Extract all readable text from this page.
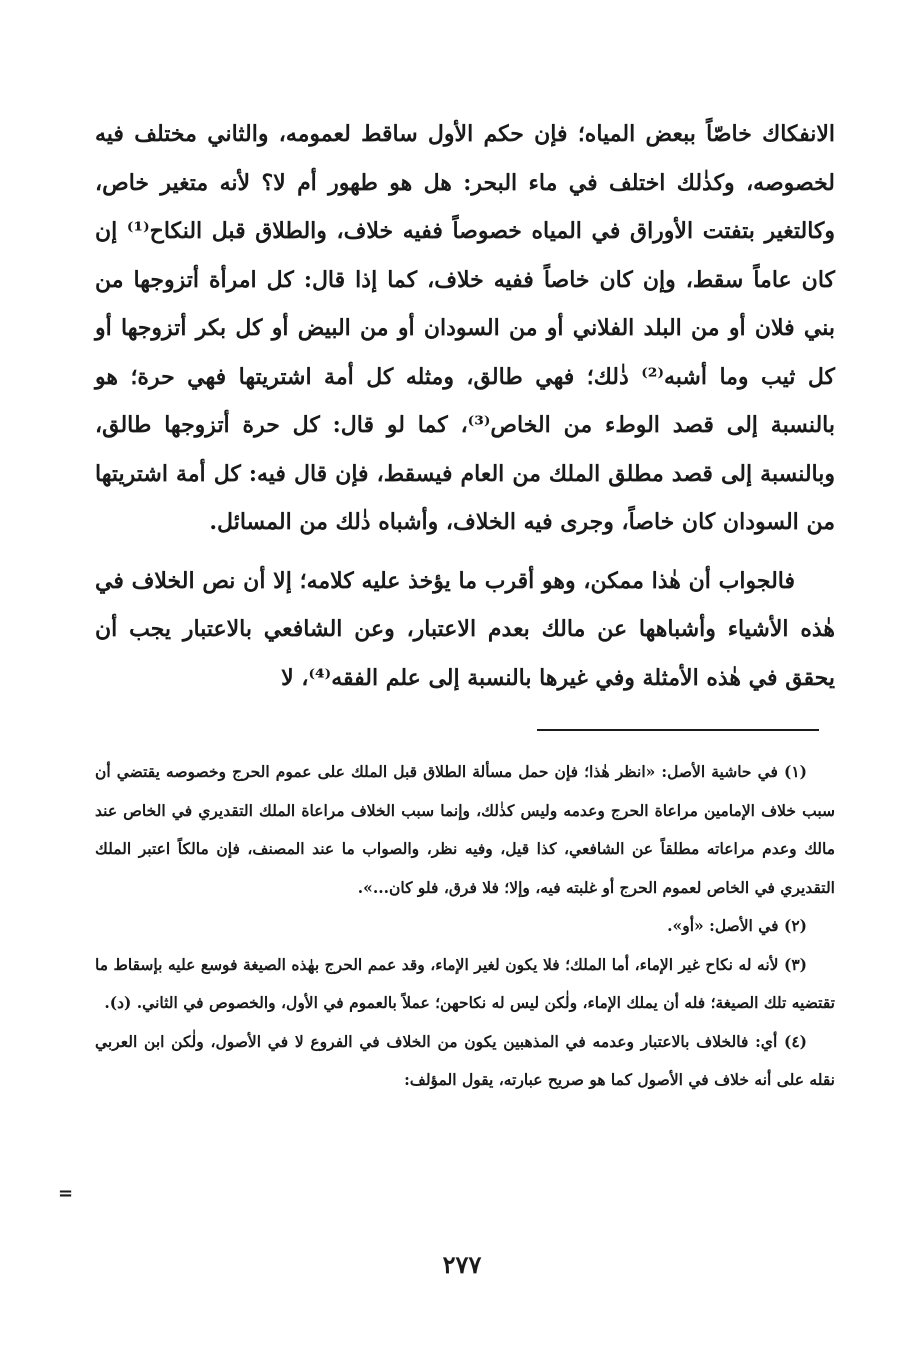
الانفكاك خاصّاً ببعض المياه؛ فإن حكم الأول ساقط لعمومه، والثاني مختلف فيه لخصوصه، وكذٰلك اختلف في ماء البحر: هل هو طهور أم لا؟ لأنه متغير خاص، وكالتغير بتفتت الأوراق في المياه خصوصاً ففيه خلاف، والطلاق قبل النكاح⁽¹⁾ إن كان عاماً سقط، وإن كان خاصاً ففيه خلاف، كما إذا قال: كل امرأة أتزوجها من بني فلان أو من البلد الفلاني أو من السودان أو من البيض أو كل بكر أتزوجها أو كل ثيب وما أشبه⁽²⁾ ذٰلك؛ فهي طالق، ومثله كل أمة اشتريتها فهي حرة؛ هو بالنسبة إلى قصد الوطء من الخاص⁽³⁾، كما لو قال: كل حرة أتزوجها طالق، وبالنسبة إلى قصد مطلق الملك من العام فيسقط، فإن قال فيه: كل أمة اشتريتها من السودان كان خاصاً، وجرى فيه الخلاف، وأشباه ذٰلك من المسائل.

فالجواب أن هٰذا ممكن، وهو أقرب ما يؤخذ عليه كلامه؛ إلا أن نص الخلاف في هٰذه الأشياء وأشباهها عن مالك بعدم الاعتبار، وعن الشافعي بالاعتبار يجب أن يحقق في هٰذه الأمثلة وفي غيرها بالنسبة إلى علم الفقه⁽⁴⁾، لا

(١) في حاشية الأصل: «انظر هٰذا؛ فإن حمل مسألة الطلاق قبل الملك على عموم الحرج وخصوصه يقتضي أن سبب خلاف الإمامين مراعاة الحرج وعدمه وليس كذٰلك، وإنما سبب الخلاف مراعاة الملك التقديري في الخاص عند مالك وعدم مراعاته مطلقاً عن الشافعي، كذا قيل، وفيه نظر، والصواب ما عند المصنف، فإن مالكاً اعتبر الملك التقديري في الخاص لعموم الحرج أو غلبته فيه، وإلا؛ فلا فرق، فلو كان...».

(٢) في الأصل: «أو».

(٣) لأنه له نكاح غير الإماء، أما الملك؛ فلا يكون لغير الإماء، وقد عمم الحرج بهٰذه الصيغة فوسع عليه بإسقاط ما تقتضيه تلك الصيغة؛ فله أن يملك الإماء، ولٰكن ليس له نكاحهن؛ عملاً بالعموم في الأول، والخصوص في الثاني. (د).

(٤) أي: فالخلاف بالاعتبار وعدمه في المذهبين يكون من الخلاف في الفروع لا في الأصول، ولٰكن ابن العربي نقله على أنه خلاف في الأصول كما هو صريح عبارته، يقول المؤلف:

=
٢٧٧
